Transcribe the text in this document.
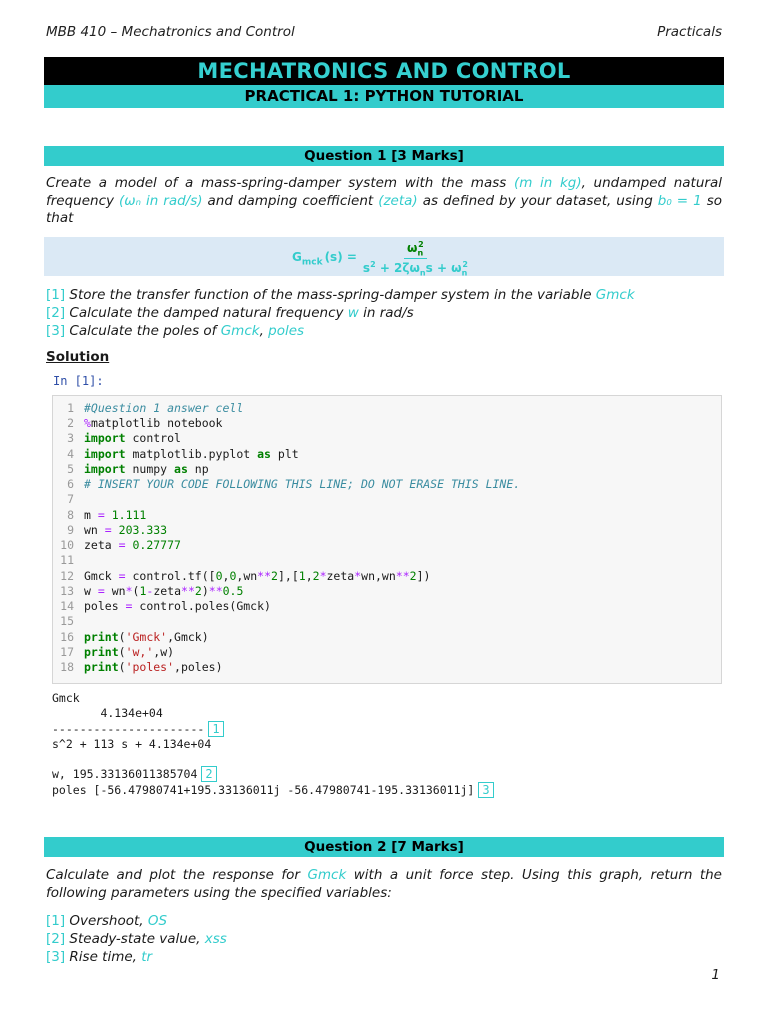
MBB 410 – Mechatronics and Control	Practicals
MECHATRONICS AND CONTROL
PRACTICAL 1: PYTHON TUTORIAL
Question 1 [3 Marks]
Create a model of a mass-spring-damper system with the mass (m in kg), undamped natural frequency (ωₙ in rad/s) and damping coefficient (zeta) as defined by your dataset, using b₀ = 1 so that
$G_{mck}$ $(s) = \frac{\omega_n^2}{s^2 + 2\zeta\omega_ns + \omega_n^2}$
[1] Store the transfer function of the mass-spring-damper system in the variable Gmck
[2] Calculate the damped natural frequency w in rad/s
[3] Calculate the poles of Gmck, poles
Solution
In [1]:
1 #Question 1 answer cell
2 %matplotlib notebook
3 import control
4 import matplotlib.pyplot as plt
5 import numpy as np
6 # INSERT YOUR CODE FOLLOWING THIS LINE; DO NOT ERASE THIS LINE.
7
8 m = 1.111
9 wn = 203.333
10 zeta = 0.27777
11
12 Gmck = control.tf([0,0,wn**2],[1,2*zeta*wn,wn**2])
13 w = wn*(1-zeta**2)**0.5
14 poles = control.poles(Gmck)
15
16 print('Gmck',Gmck)
17 print('w,',w)
18 print('poles',poles)
Gmck
4.134e+04
---------------------- 1
s^2 + 113 s + 4.134e+04
w, 195.33136011385704 2
poles [-56.47980741+195.33136011j -56.47980741-195.33136011j] 3
Question 2 [7 Marks]
Calculate and plot the response for Gmck with a unit force step. Using this graph, return the following parameters using the specified variables:
[1] Overshoot, OS
[2] Steady-state value, xss
[3] Rise time, tr
1
